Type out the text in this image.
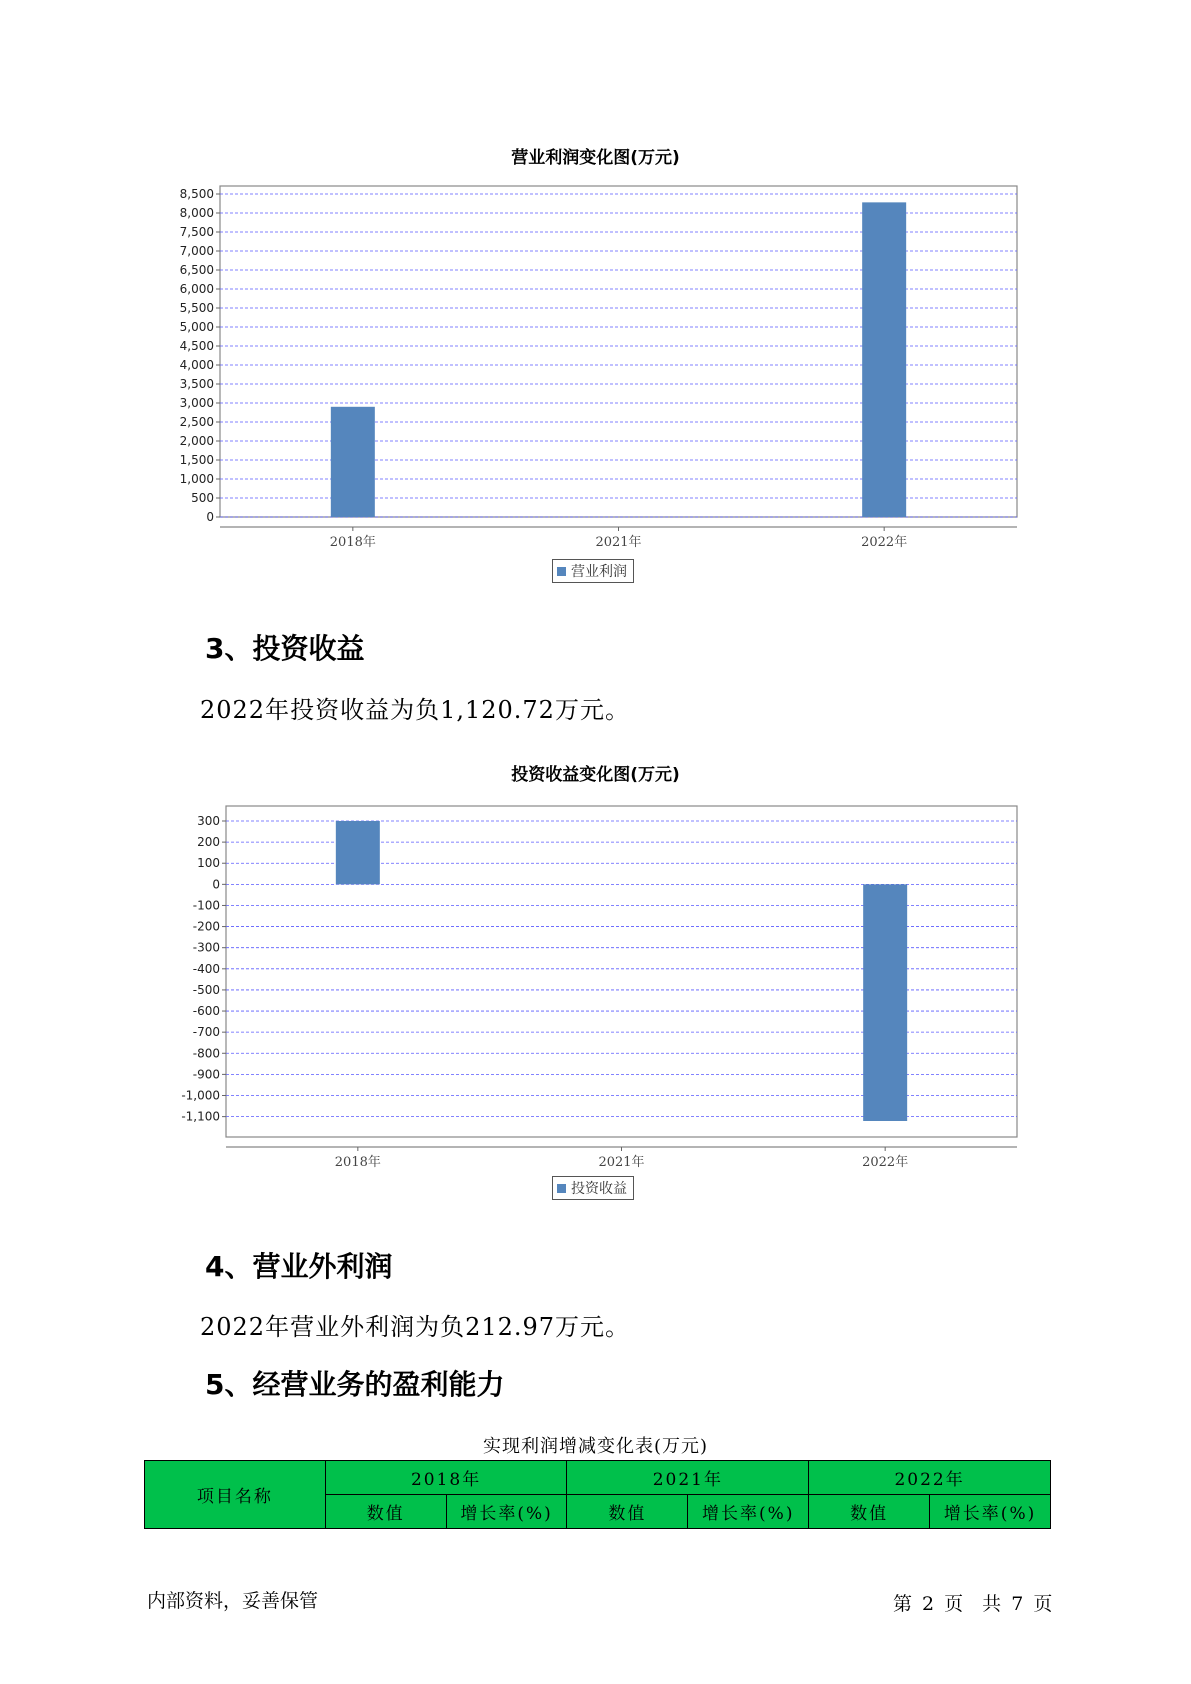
营业利润变化图(万元)
0
500
1,000
1,500
2,000
2,500
3,000
3,500
4,000
4,500
5,000
5,500
6,000
6,500
7,000
7,500
8,000
8,500
2018年	2021年	2022年
营业利润
3、投资收益
2022年投资收益为负1,120.72万元。
投资收益变化图(万元)
300
200
100
0
-100
-200
-300
-400
-500
-600
-700
-800
-900
-1,000
-1,100
2018年	2021年	2022年
投资收益
4、营业外利润
2022年营业外利润为负212.97万元。
5、经营业务的盈利能力
实现利润增减变化表(万元)
项目名称	2018年		2021年		2022年	
	数值	增长率(%)	数值	增长率(%)	数值	增长率(%)
内部资料，妥善保管	第 2 页　共 7 页
